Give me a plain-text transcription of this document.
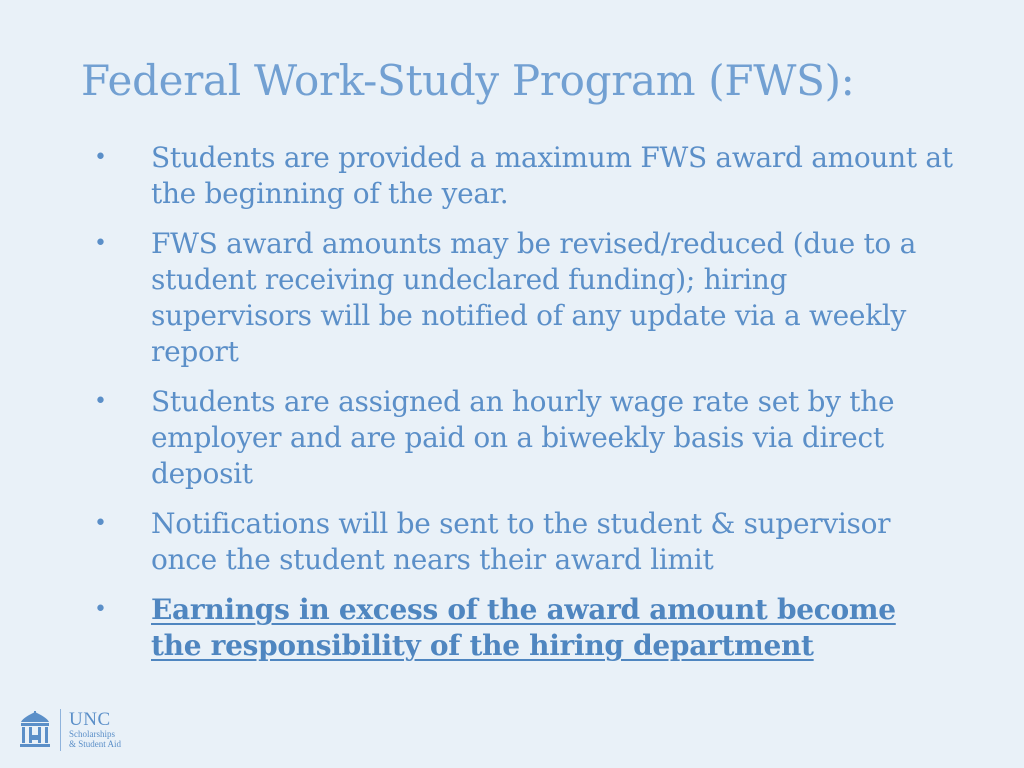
Federal Work-Study Program (FWS):
• Students are provided a maximum FWS award amount at the beginning of the year.
• FWS award amounts may be revised/reduced (due to a student receiving undeclared funding); hiring supervisors will be notified of any update via a weekly report
• Students are assigned an hourly wage rate set by the employer and are paid on a biweekly basis via direct deposit
• Notifications will be sent to the student & supervisor once the student nears their award limit
• Earnings in excess of the award amount become the responsibility of the hiring department
UNC
Scholarships
& Student Aid
